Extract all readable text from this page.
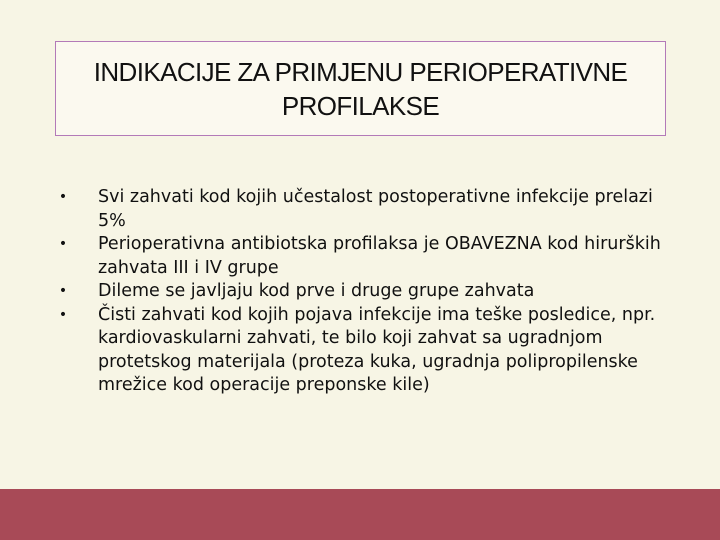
INDIKACIJE ZA PRIMJENU PERIOPERATIVNE PROFILAKSE
• Svi zahvati kod kojih učestalost postoperativne infekcije prelazi 5%
• Perioperativna antibiotska profilaksa je OBAVEZNA kod hirurških zahvata III i IV grupe
• Dileme se javljaju kod prve i druge grupe zahvata
• Čisti zahvati kod kojih pojava infekcije ima teške posledice, npr. kardiovaskularni zahvati, te bilo koji zahvat sa ugradnjom protetskog materijala (proteza kuka, ugradnja polipropilenske mrežice kod operacije preponske kile)
